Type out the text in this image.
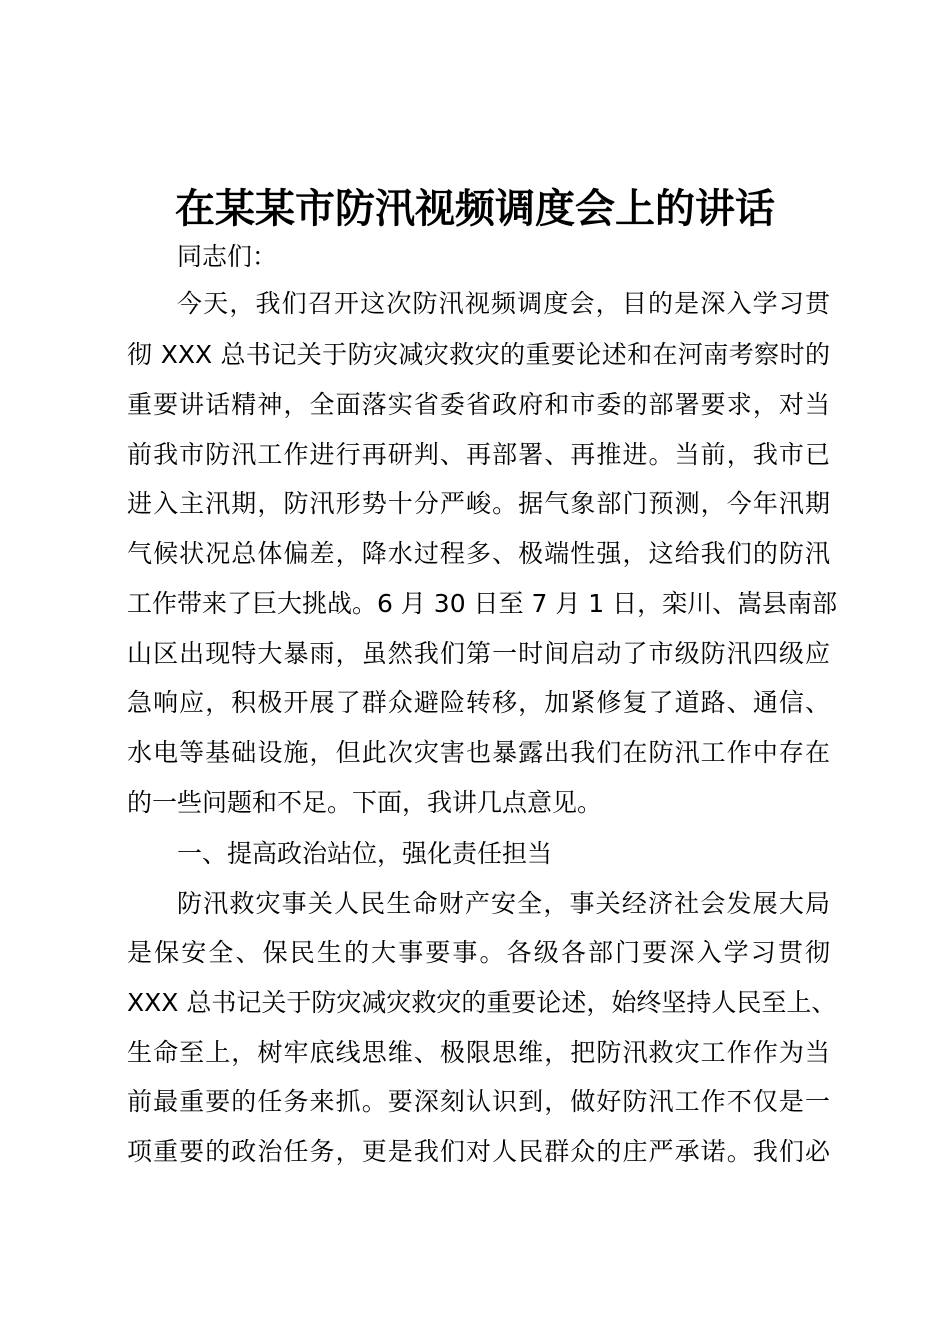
在某某市防汛视频调度会上的讲话
同志们：
今天，我们召开这次防汛视频调度会，目的是深入学习贯
彻 XXX 总书记关于防灾减灾救灾的重要论述和在河南考察时的
重要讲话精神，全面落实省委省政府和市委的部署要求，对当
前我市防汛工作进行再研判、再部署、再推进。当前，我市已
进入主汛期，防汛形势十分严峻。据气象部门预测，今年汛期
气候状况总体偏差，降水过程多、极端性强，这给我们的防汛
工作带来了巨大挑战。6 月 30 日至 7 月 1 日，栾川、嵩县南部
山区出现特大暴雨，虽然我们第一时间启动了市级防汛四级应
急响应，积极开展了群众避险转移，加紧修复了道路、通信、
水电等基础设施，但此次灾害也暴露出我们在防汛工作中存在
的一些问题和不足。下面，我讲几点意见。
一、提高政治站位，强化责任担当
防汛救灾事关人民生命财产安全，事关经济社会发展大局
是保安全、保民生的大事要事。各级各部门要深入学习贯彻
XXX 总书记关于防灾减灾救灾的重要论述，始终坚持人民至上、
生命至上，树牢底线思维、极限思维，把防汛救灾工作作为当
前最重要的任务来抓。要深刻认识到，做好防汛工作不仅是一
项重要的政治任务，更是我们对人民群众的庄严承诺。我们必
